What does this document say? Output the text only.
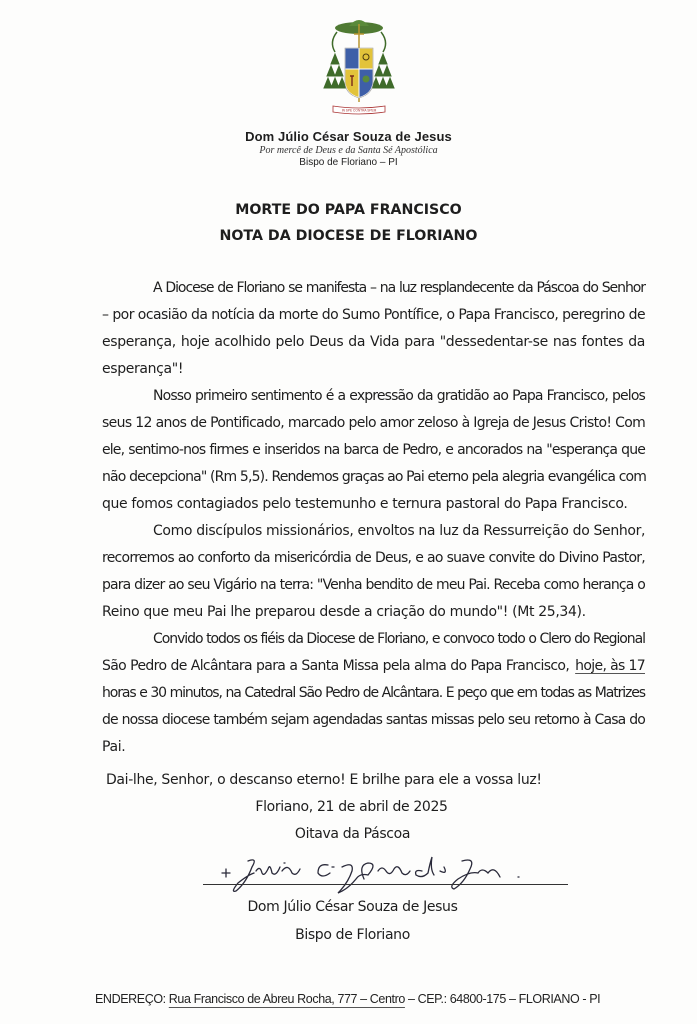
IN SPE CONTRA SPEM
Dom Júlio César Souza de Jesus
Por mercê de Deus e da Santa Sé Apostólica
Bispo de Floriano – PI
MORTE DO PAPA FRANCISCO
NOTA DA DIOCESE DE FLORIANO
A Diocese de Floriano se manifesta – na luz resplandecente da Páscoa do Senhor
– por ocasião da notícia da morte do Sumo Pontífice, o Papa Francisco, peregrino de
esperança, hoje acolhido pelo Deus da Vida para "dessedentar-se nas fontes da
esperança"!
Nosso primeiro sentimento é a expressão da gratidão ao Papa Francisco, pelos
seus 12 anos de Pontificado, marcado pelo amor zeloso à Igreja de Jesus Cristo! Com
ele, sentimo-nos firmes e inseridos na barca de Pedro, e ancorados na "esperança que
não decepciona" (Rm 5,5). Rendemos graças ao Pai eterno pela alegria evangélica com
que fomos contagiados pelo testemunho e ternura pastoral do Papa Francisco.
Como discípulos missionários, envoltos na luz da Ressurreição do Senhor,
recorremos ao conforto da misericórdia de Deus, e ao suave convite do Divino Pastor,
para dizer ao seu Vigário na terra: "Venha bendito de meu Pai. Receba como herança o
Reino que meu Pai lhe preparou desde a criação do mundo"! (Mt 25,34).
Convido todos os fiéis da Diocese de Floriano, e convoco todo o Clero do Regional
São Pedro de Alcântara para a Santa Missa pela alma do Papa Francisco, hoje, às 17
horas e 30 minutos, na Catedral São Pedro de Alcântara. E peço que em todas as Matrizes
de nossa diocese também sejam agendadas santas missas pelo seu retorno à Casa do
Pai.
Dai-lhe, Senhor, o descanso eterno! E brilhe para ele a vossa luz!
Floriano, 21 de abril de 2025
Oitava da Páscoa
Dom Júlio César Souza de Jesus
Bispo de Floriano
ENDEREÇO: Rua Francisco de Abreu Rocha, 777 – Centro – CEP.: 64800-175 – FLORIANO - PI
